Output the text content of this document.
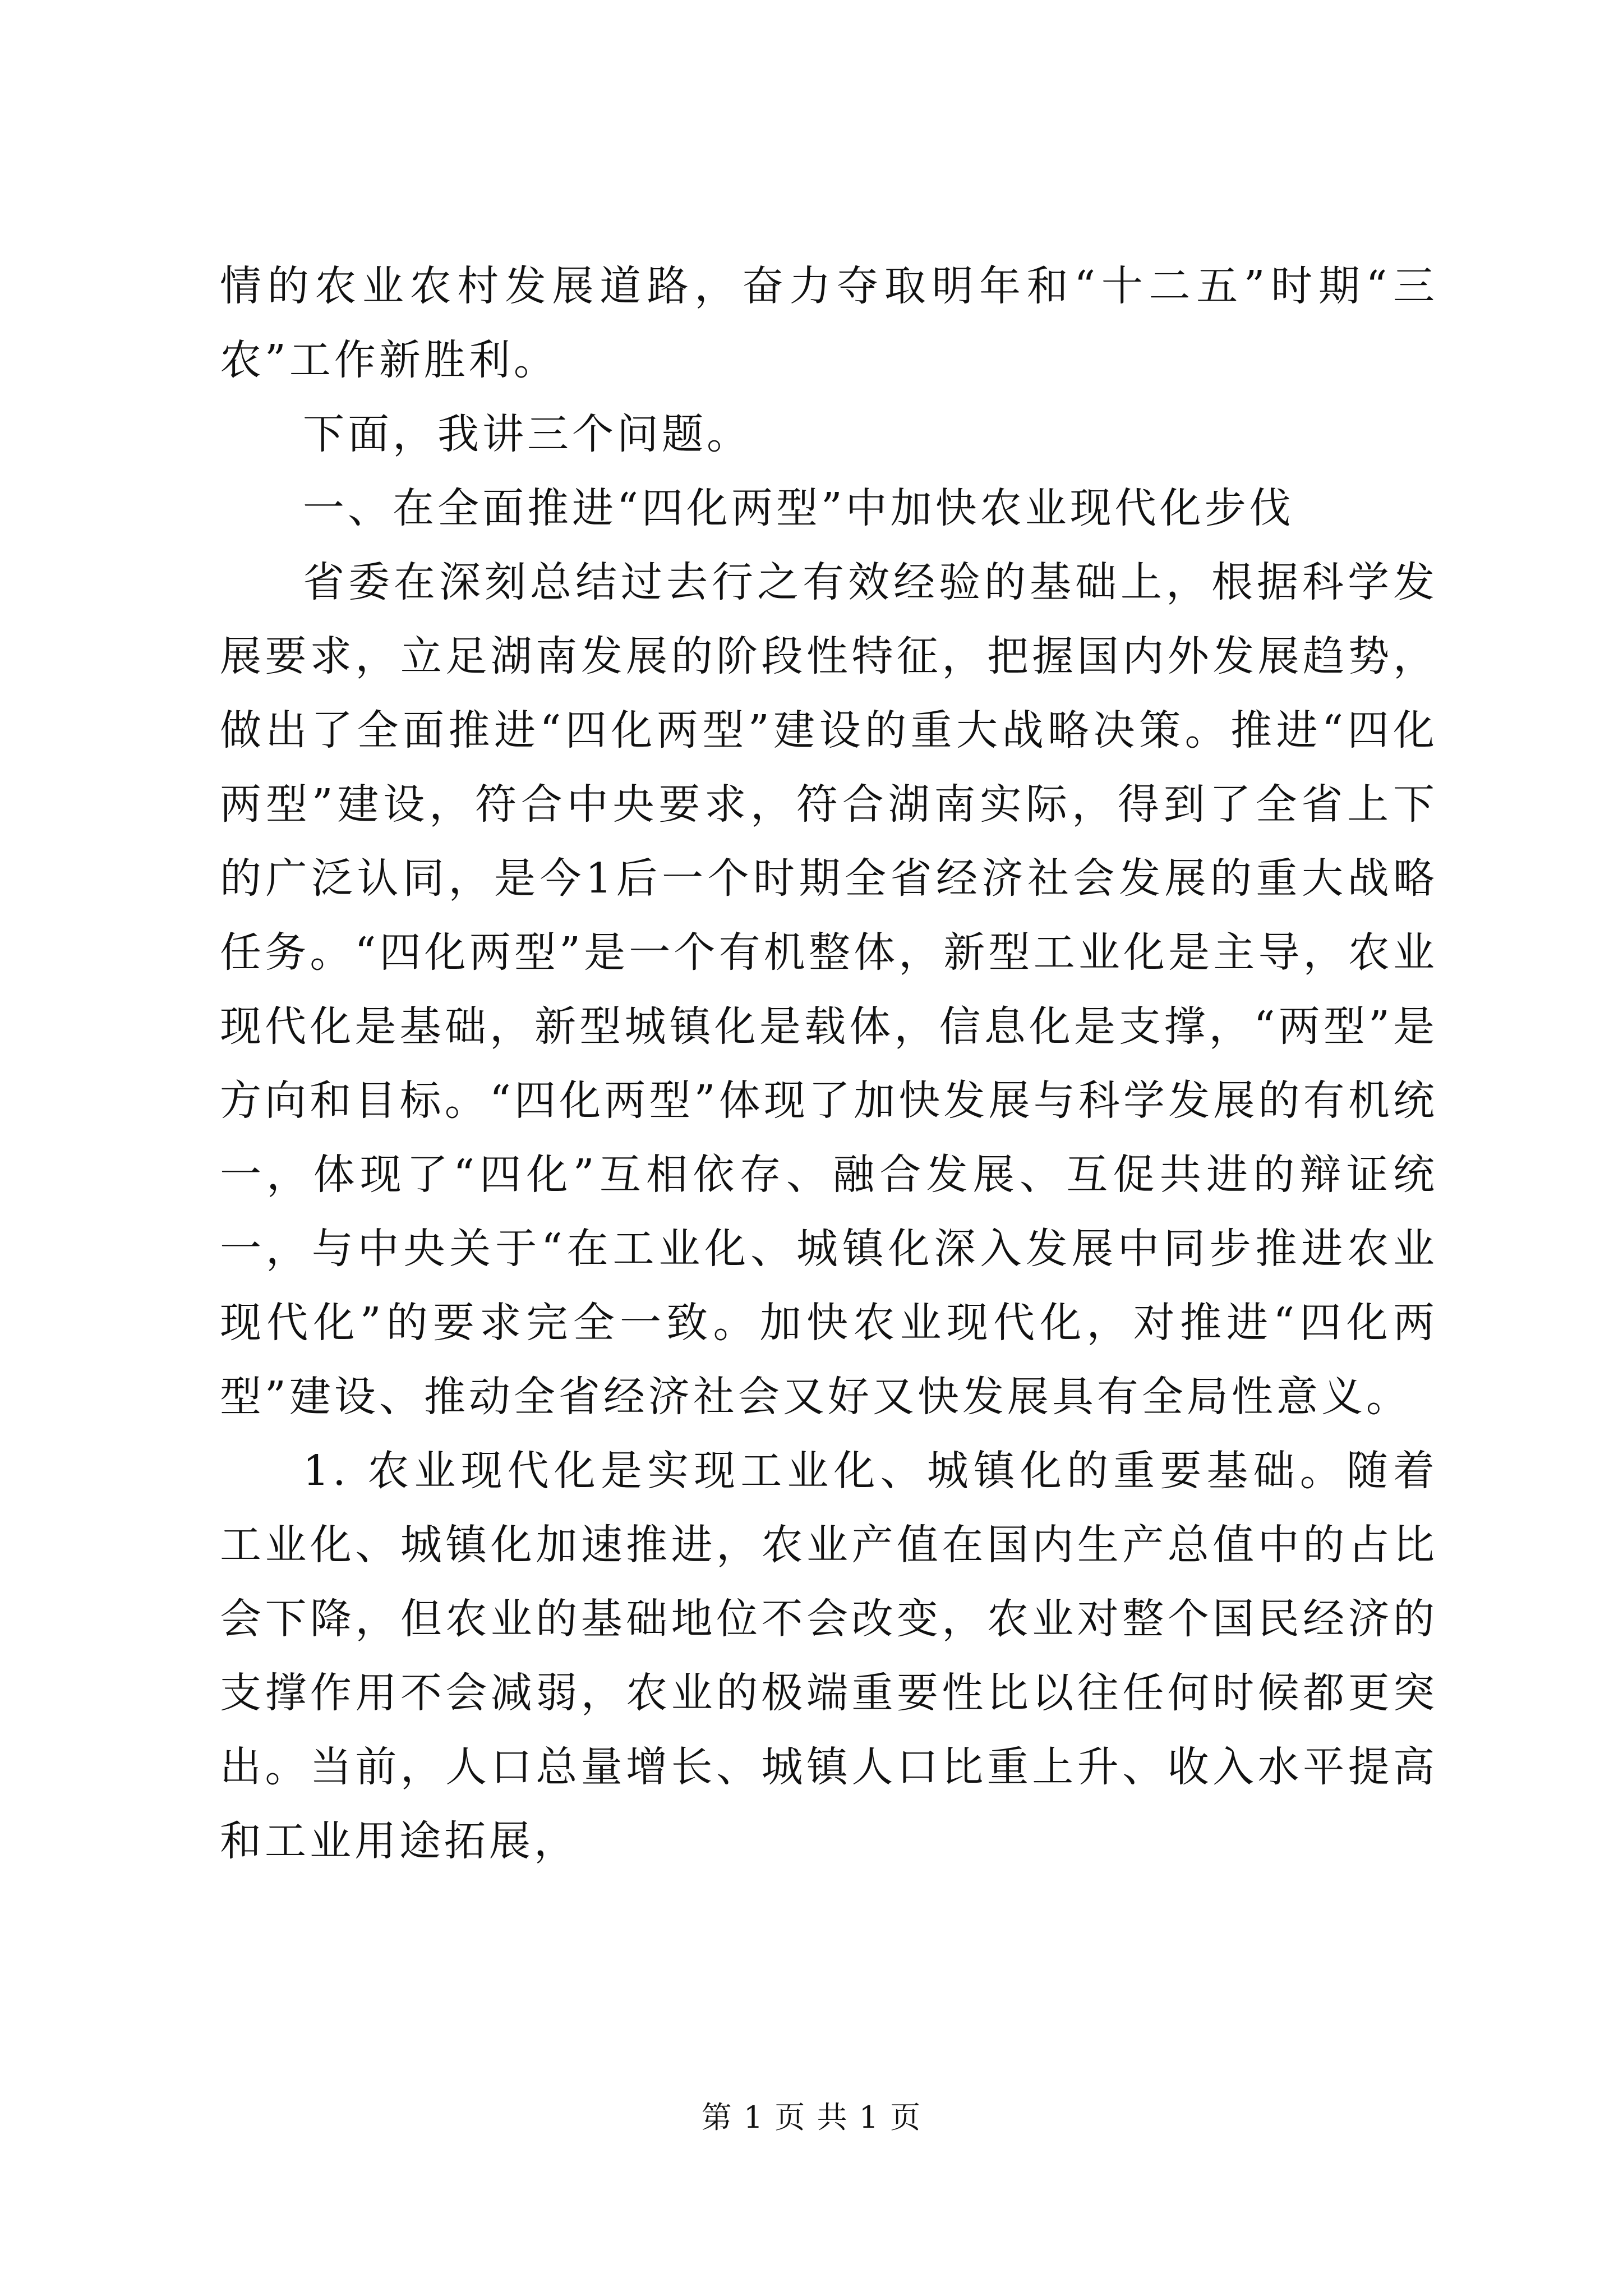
情的农业农村发展道路，奋力夺取明年和“十二五”时期“三农”工作新胜利。

下面，我讲三个问题。

一、在全面推进“四化两型”中加快农业现代化步伐

省委在深刻总结过去行之有效经验的基础上，根据科学发展要求，立足湖南发展的阶段性特征，把握国内外发展趋势，做出了全面推进“四化两型”建设的重大战略决策。推进“四化两型”建设，符合中央要求，符合湖南实际，得到了全省上下的广泛认同，是今1后一个时期全省经济社会发展的重大战略任务。“四化两型”是一个有机整体，新型工业化是主导，农业现代化是基础，新型城镇化是载体，信息化是支撑，“两型”是方向和目标。“四化两型”体现了加快发展与科学发展的有机统一，体现了“四化”互相依存、融合发展、互促共进的辩证统一，与中央关于“在工业化、城镇化深入发展中同步推进农业现代化”的要求完全一致。加快农业现代化，对推进“四化两型”建设、推动全省经济社会又好又快发展具有全局性意义。

1. 农业现代化是实现工业化、城镇化的重要基础。随着工业化、城镇化加速推进，农业产值在国内生产总值中的占比会下降，但农业的基础地位不会改变，农业对整个国民经济的支撑作用不会减弱，农业的极端重要性比以往任何时候都更突出。当前，人口总量增长、城镇人口比重上升、收入水平提高和工业用途拓展，

第 1 页 共 1 页
